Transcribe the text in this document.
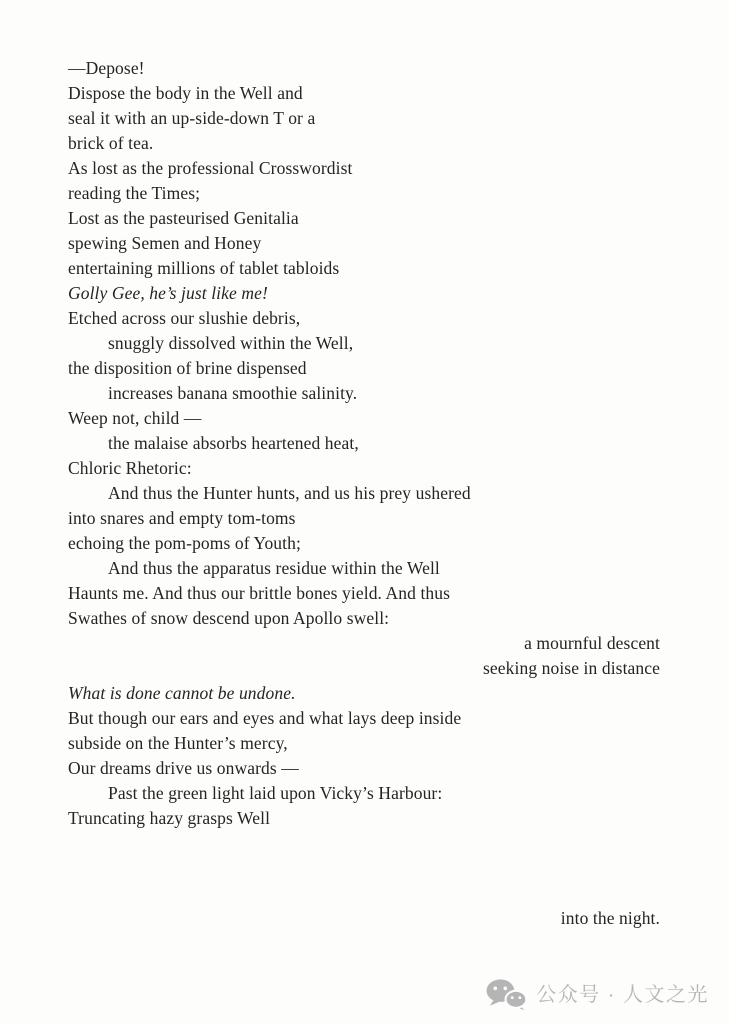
—Depose!
Dispose the body in the Well and
seal it with an up-side-down T or a
brick of tea.
As lost as the professional Crosswordist
reading the Times;
Lost as the pasteurised Genitalia
spewing Semen and Honey
entertaining millions of tablet tabloids
Golly Gee, he’s just like me!
Etched across our slushie debris,
snuggly dissolved within the Well,
the disposition of brine dispensed
increases banana smoothie salinity.
Weep not, child —
the malaise absorbs heartened heat,
Chloric Rhetoric:
And thus the Hunter hunts, and us his prey ushered
into snares and empty tom-toms
echoing the pom-poms of Youth;
And thus the apparatus residue within the Well
Haunts me. And thus our brittle bones yield. And thus
Swathes of snow descend upon Apollo swell:
a mournful descent
seeking noise in distance
What is done cannot be undone.
But though our ears and eyes and what lays deep inside
subside on the Hunter’s mercy,
Our dreams drive us onwards —
Past the green light laid upon Vicky’s Harbour:
Truncating hazy grasps Well
into the night.
公众号 · 人文之光
